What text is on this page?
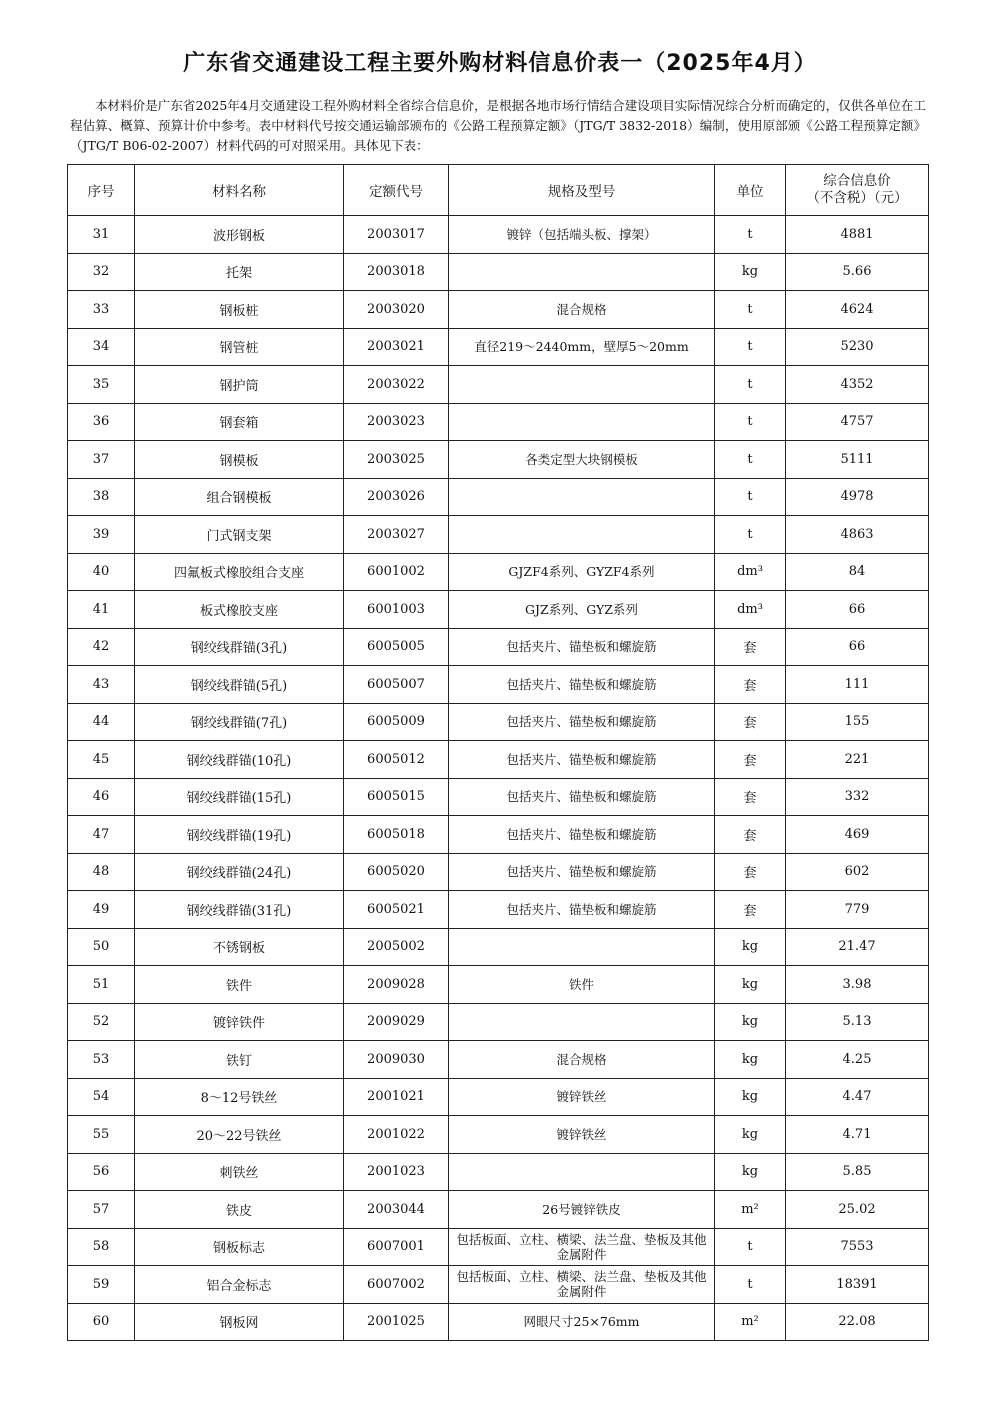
广东省交通建设工程主要外购材料信息价表一（2025年4月）
本材料价是广东省2025年4月交通建设工程外购材料全省综合信息价，是根据各地市场行情结合建设项目实际情况综合分析而确定的，仅供各单位在工程估算、概算、预算计价中参考。表中材料代号按交通运输部颁布的《公路工程预算定额》（JTG/T 3832-2018）编制，使用原部颁《公路工程预算定额》（JTG/T B06-02-2007）材料代码的可对照采用。具体见下表：
序号	材料名称	定额代号	规格及型号	单位	综合信息价
（不含税）（元）

31	波形钢板	2003017	镀锌（包括端头板、撑架）	t	4881
32	托架	2003018		kg	5.66
33	钢板桩	2003020	混合规格	t	4624
34	钢管桩	2003021	直径219～2440mm，壁厚5～20mm	t	5230
35	钢护筒	2003022		t	4352
36	钢套箱	2003023		t	4757
37	钢模板	2003025	各类定型大块钢模板	t	5111
38	组合钢模板	2003026		t	4978
39	门式钢支架	2003027		t	4863
40	四氟板式橡胶组合支座	6001002	GJZF4系列、GYZF4系列	dm³	84
41	板式橡胶支座	6001003	GJZ系列、GYZ系列	dm³	66
42	钢绞线群锚(3孔)	6005005	包括夹片、锚垫板和螺旋筋	套	66
43	钢绞线群锚(5孔)	6005007	包括夹片、锚垫板和螺旋筋	套	111
44	钢绞线群锚(7孔)	6005009	包括夹片、锚垫板和螺旋筋	套	155
45	钢绞线群锚(10孔)	6005012	包括夹片、锚垫板和螺旋筋	套	221
46	钢绞线群锚(15孔)	6005015	包括夹片、锚垫板和螺旋筋	套	332
47	钢绞线群锚(19孔)	6005018	包括夹片、锚垫板和螺旋筋	套	469
48	钢绞线群锚(24孔)	6005020	包括夹片、锚垫板和螺旋筋	套	602
49	钢绞线群锚(31孔)	6005021	包括夹片、锚垫板和螺旋筋	套	779
50	不锈钢板	2005002		kg	21.47
51	铁件	2009028	铁件	kg	3.98
52	镀锌铁件	2009029		kg	5.13
53	铁钉	2009030	混合规格	kg	4.25
54	8～12号铁丝	2001021	镀锌铁丝	kg	4.47
55	20～22号铁丝	2001022	镀锌铁丝	kg	4.71
56	刺铁丝	2001023		kg	5.85
57	铁皮	2003044	26号镀锌铁皮	m²	25.02
58	钢板标志	6007001	包括板面、立柱、横梁、法兰盘、垫板及其他金属附件	t	7553
59	铝合金标志	6007002	包括板面、立柱、横梁、法兰盘、垫板及其他金属附件	t	18391
60	钢板网	2001025	网眼尺寸25×76mm	m²	22.08
